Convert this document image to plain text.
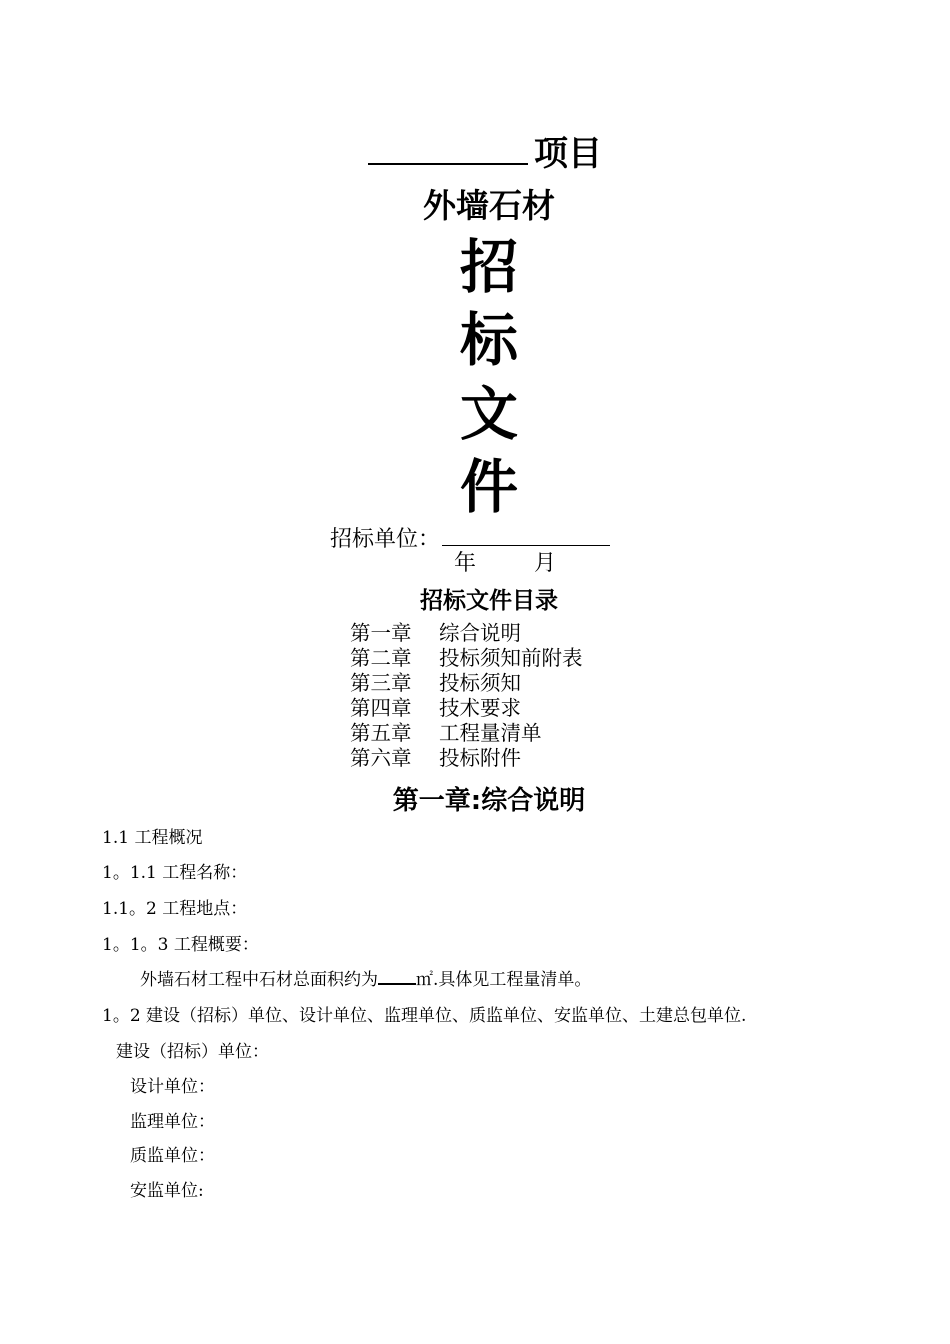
项目
外墙石材
招
标
文
件
招标单位：
年	月
招标文件目录
第一章 综合说明
第二章 投标须知前附表
第三章 投标须知
第四章 技术要求
第五章 工程量清单
第六章 投标附件
第一章:综合说明
1.1 工程概况
1。1.1 工程名称：
1.1。2 工程地点：
1。1。3 工程概要：
外墙石材工程中石材总面积约为 ㎡.具体见工程量清单。
1。2 建设（招标）单位、设计单位、监理单位、质监单位、安监单位、土建总包单位.
建设（招标）单位：
设计单位：
监理单位：
质监单位：
安监单位:
